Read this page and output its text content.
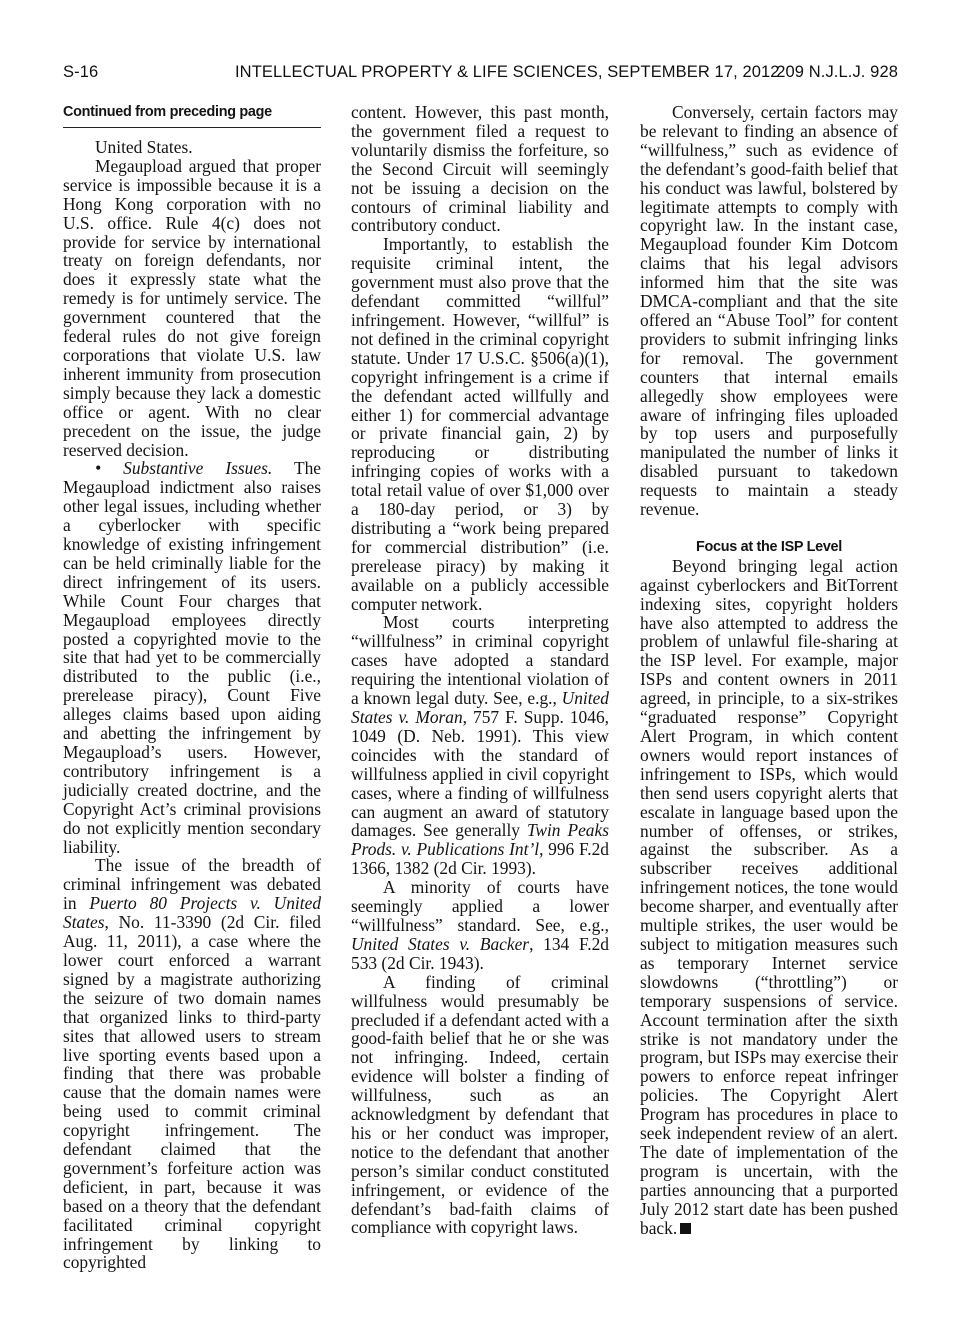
S-16	INTELLECTUAL PROPERTY & LIFE SCIENCES, SEPTEMBER 17, 2012
209 N.J.L.J. 928

Continued from preceding page

United States.

Megaupload argued that proper service is impossible because it is a Hong Kong corporation with no U.S. office. Rule 4(c) does not provide for service by international treaty on foreign defendants, nor does it expressly state what the remedy is for untimely service. The government countered that the federal rules do not give foreign corporations that violate U.S. law inherent immunity from prosecution simply because they lack a domestic office or agent. With no clear precedent on the issue, the judge reserved decision.

• Substantive Issues. The Megaupload indictment also raises other legal issues, including whether a cyberlocker with specific knowledge of existing infringement can be held criminally liable for the direct infringement of its users. While Count Four charges that Megaupload employees directly posted a copyrighted movie to the site that had yet to be commercially distributed to the public (i.e., prerelease piracy), Count Five alleges claims based upon aiding and abetting the infringement by Megaupload’s users. However, contributory infringement is a judicially created doctrine, and the Copyright Act’s criminal provisions do not explicitly mention secondary liability.

The issue of the breadth of criminal infringement was debated in Puerto 80 Projects v. United States, No. 11-3390 (2d Cir. filed Aug. 11, 2011), a case where the lower court enforced a warrant signed by a magistrate authorizing the seizure of two domain names that organized links to third-party sites that allowed users to stream live sporting events based upon a finding that there was probable cause that the domain names were being used to commit criminal copyright infringement. The defendant claimed that the government’s forfeiture action was deficient, in part, because it was based on a theory that the defendant facilitated criminal copyright infringement by linking to copyrighted

content. However, this past month, the government filed a request to voluntarily dismiss the forfeiture, so the Second Circuit will seemingly not be issuing a decision on the contours of criminal liability and contributory conduct.

Importantly, to establish the requisite criminal intent, the government must also prove that the defendant committed “willful” infringement. However, “willful” is not defined in the criminal copyright statute. Under 17 U.S.C. §506(a)(1), copyright infringement is a crime if the defendant acted willfully and either 1) for commercial advantage or private financial gain, 2) by reproducing or distributing infringing copies of works with a total retail value of over $1,000 over a 180-day period, or 3) by distributing a “work being prepared for commercial distribution” (i.e. prerelease piracy) by making it available on a publicly accessible computer network.

Most courts interpreting “willfulness” in criminal copyright cases have adopted a standard requiring the intentional violation of a known legal duty. See, e.g., United States v. Moran, 757 F. Supp. 1046, 1049 (D. Neb. 1991). This view coincides with the standard of willfulness applied in civil copyright cases, where a finding of willfulness can augment an award of statutory damages. See generally Twin Peaks Prods. v. Publications Int’l, 996 F.2d 1366, 1382 (2d Cir. 1993).

A minority of courts have seemingly applied a lower “willfulness” standard. See, e.g., United States v. Backer, 134 F.2d 533 (2d Cir. 1943).

A finding of criminal willfulness would presumably be precluded if a defendant acted with a good-faith belief that he or she was not infringing. Indeed, certain evidence will bolster a finding of willfulness, such as an acknowledgment by defendant that his or her conduct was improper, notice to the defendant that another person’s similar conduct constituted infringement, or evidence of the defendant’s bad-faith claims of compliance with copyright laws.

Conversely, certain factors may be relevant to finding an absence of “willfulness,” such as evidence of the defendant’s good-faith belief that his conduct was lawful, bolstered by legitimate attempts to comply with copyright law. In the instant case, Megaupload founder Kim Dotcom claims that his legal advisors informed him that the site was DMCA-compliant and that the site offered an “Abuse Tool” for content providers to submit infringing links for removal. The government counters that internal emails allegedly show employees were aware of infringing files uploaded by top users and purposefully manipulated the number of links it disabled pursuant to takedown requests to maintain a steady revenue.

Focus at the ISP Level

Beyond bringing legal action against cyberlockers and BitTorrent indexing sites, copyright holders have also attempted to address the problem of unlawful file-sharing at the ISP level. For example, major ISPs and content owners in 2011 agreed, in principle, to a six-strikes “graduated response” Copyright Alert Program, in which content owners would report instances of infringement to ISPs, which would then send users copyright alerts that escalate in language based upon the number of offenses, or strikes, against the subscriber. As a subscriber receives additional infringement notices, the tone would become sharper, and eventually after multiple strikes, the user would be subject to mitigation measures such as temporary Internet service slowdowns (“throttling”) or temporary suspensions of service. Account termination after the sixth strike is not mandatory under the program, but ISPs may exercise their powers to enforce repeat infringer policies. The Copyright Alert Program has procedures in place to seek independent review of an alert. The date of implementation of the program is uncertain, with the parties announcing that a purported July 2012 start date has been pushed back.
